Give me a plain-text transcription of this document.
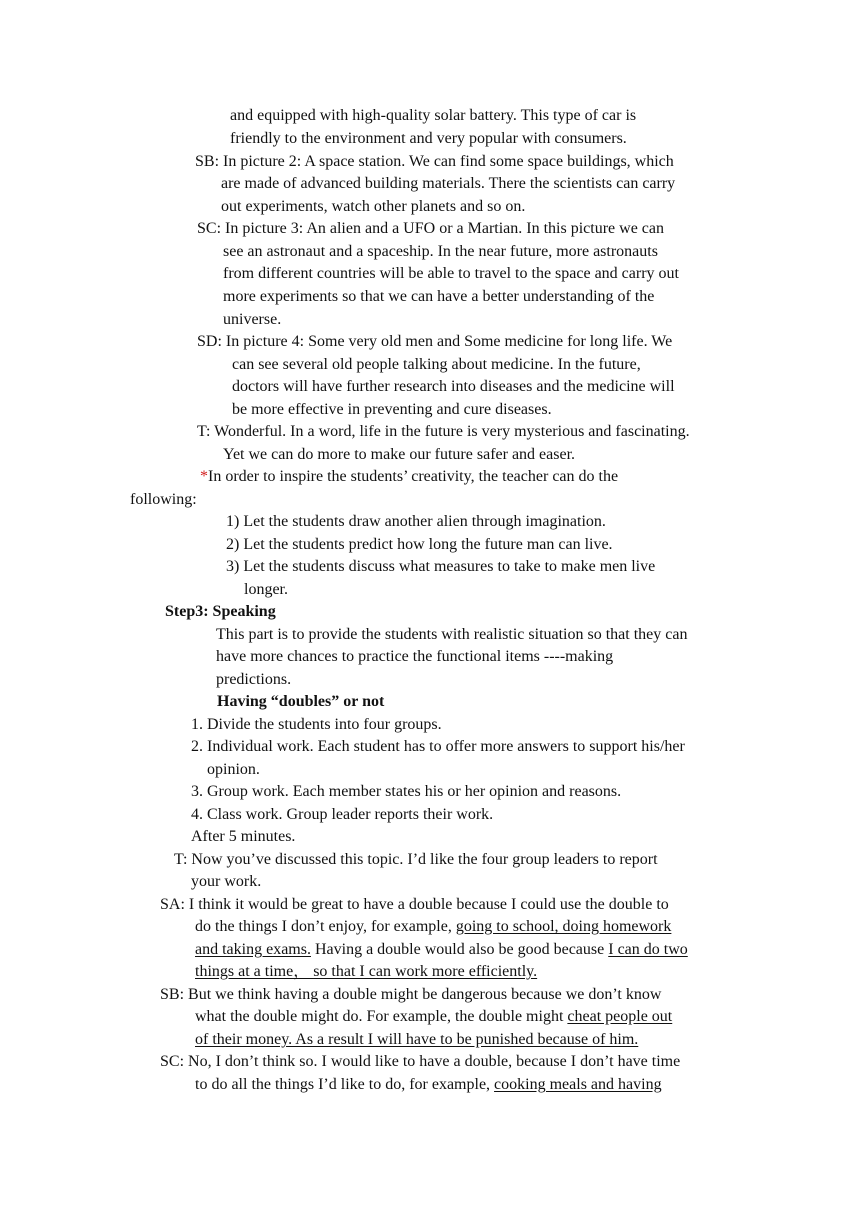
and equipped with high-quality solar battery. This type of car is
friendly to the environment and very popular with consumers.
SB: In picture 2: A space station. We can find some space buildings, which
are made of advanced building materials. There the scientists can carry
out experiments, watch other planets and so on.
SC: In picture 3: An alien and a UFO or a Martian. In this picture we can
see an astronaut and a spaceship. In the near future, more astronauts
from different countries will be able to travel to the space and carry out
more experiments so that we can have a better understanding of the
universe.
SD: In picture 4: Some very old men and Some medicine for long life. We
can see several old people talking about medicine. In the future,
doctors will have further research into diseases and the medicine will
be more effective in preventing and cure diseases.
T: Wonderful. In a word, life in the future is very mysterious and fascinating.
Yet we can do more to make our future safer and easer.
*In order to inspire the students’ creativity, the teacher can do the
following:
1) Let the students draw another alien through imagination.
2) Let the students predict how long the future man can live.
3) Let the students discuss what measures to take to make men live
longer.
Step3: Speaking
This part is to provide the students with realistic situation so that they can
have more chances to practice the functional items ----making
predictions.
Having “doubles” or not
1. Divide the students into four groups.
2. Individual work. Each student has to offer more answers to support his/her
opinion.
3. Group work. Each member states his or her opinion and reasons.
4. Class work. Group leader reports their work.
After 5 minutes.
T: Now you’ve discussed this topic. I’d like the four group leaders to report
your work.
SA: I think it would be great to have a double because I could use the double to
do the things I don’t enjoy, for example, going to school, doing homework
and taking exams. Having a double would also be good because I can do two
things at a time， so that I can work more efficiently.
SB: But we think having a double might be dangerous because we don’t know
what the double might do. For example, the double might cheat people out
of their money. As a result I will have to be punished because of him.
SC: No, I don’t think so. I would like to have a double, because I don’t have time
to do all the things I’d like to do, for example, cooking meals and having
